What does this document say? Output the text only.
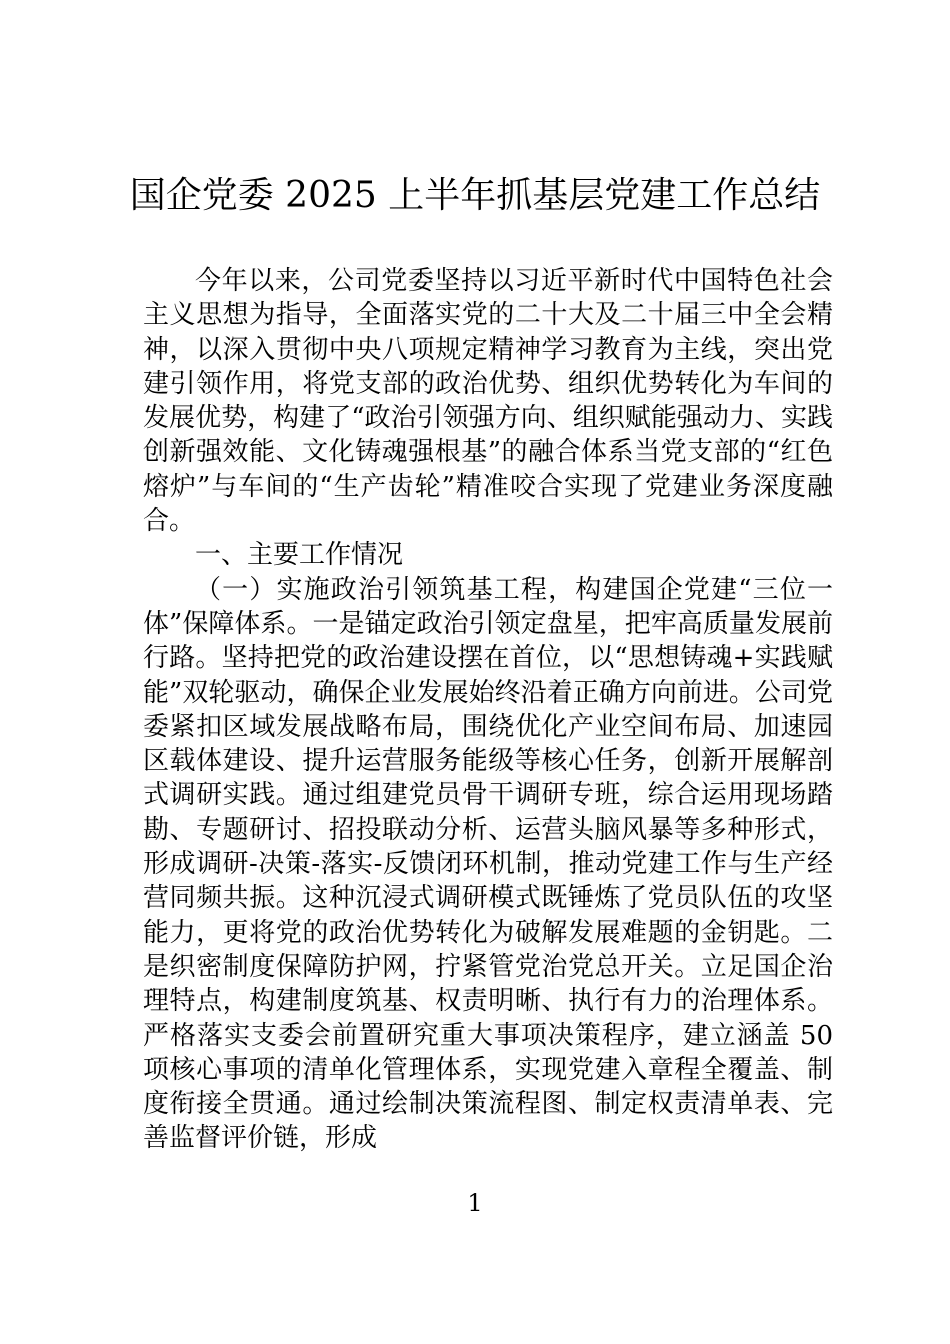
国企党委 2025 上半年抓基层党建工作总结

今年以来，公司党委坚持以习近平新时代中国特色社会主义思想为指导，全面落实党的二十大及二十届三中全会精神，以深入贯彻中央八项规定精神学习教育为主线，突出党建引领作用，将党支部的政治优势、组织优势转化为车间的发展优势，构建了“政治引领强方向、组织赋能强动力、实践创新强效能、文化铸魂强根基”的融合体系当党支部的“红色熔炉”与车间的“生产齿轮”精准咬合实现了党建业务深度融合。

一、主要工作情况

（一）实施政治引领筑基工程，构建国企党建“三位一体”保障体系。一是锚定政治引领定盘星，把牢高质量发展前行路。坚持把党的政治建设摆在首位，以“思想铸魂+实践赋能”双轮驱动，确保企业发展始终沿着正确方向前进。公司党委紧扣区域发展战略布局，围绕优化产业空间布局、加速园区载体建设、提升运营服务能级等核心任务，创新开展解剖式调研实践。通过组建党员骨干调研专班，综合运用现场踏勘、专题研讨、招投联动分析、运营头脑风暴等多种形式，形成调研-决策-落实-反馈闭环机制，推动党建工作与生产经营同频共振。这种沉浸式调研模式既锤炼了党员队伍的攻坚能力，更将党的政治优势转化为破解发展难题的金钥匙。二是织密制度保障防护网，拧紧管党治党总开关。立足国企治理特点，构建制度筑基、权责明晰、执行有力的治理体系。严格落实支委会前置研究重大事项决策程序，建立涵盖 50 项核心事项的清单化管理体系，实现党建入章程全覆盖、制度衔接全贯通。通过绘制决策流程图、制定权责清单表、完善监督评价链，形成

1
